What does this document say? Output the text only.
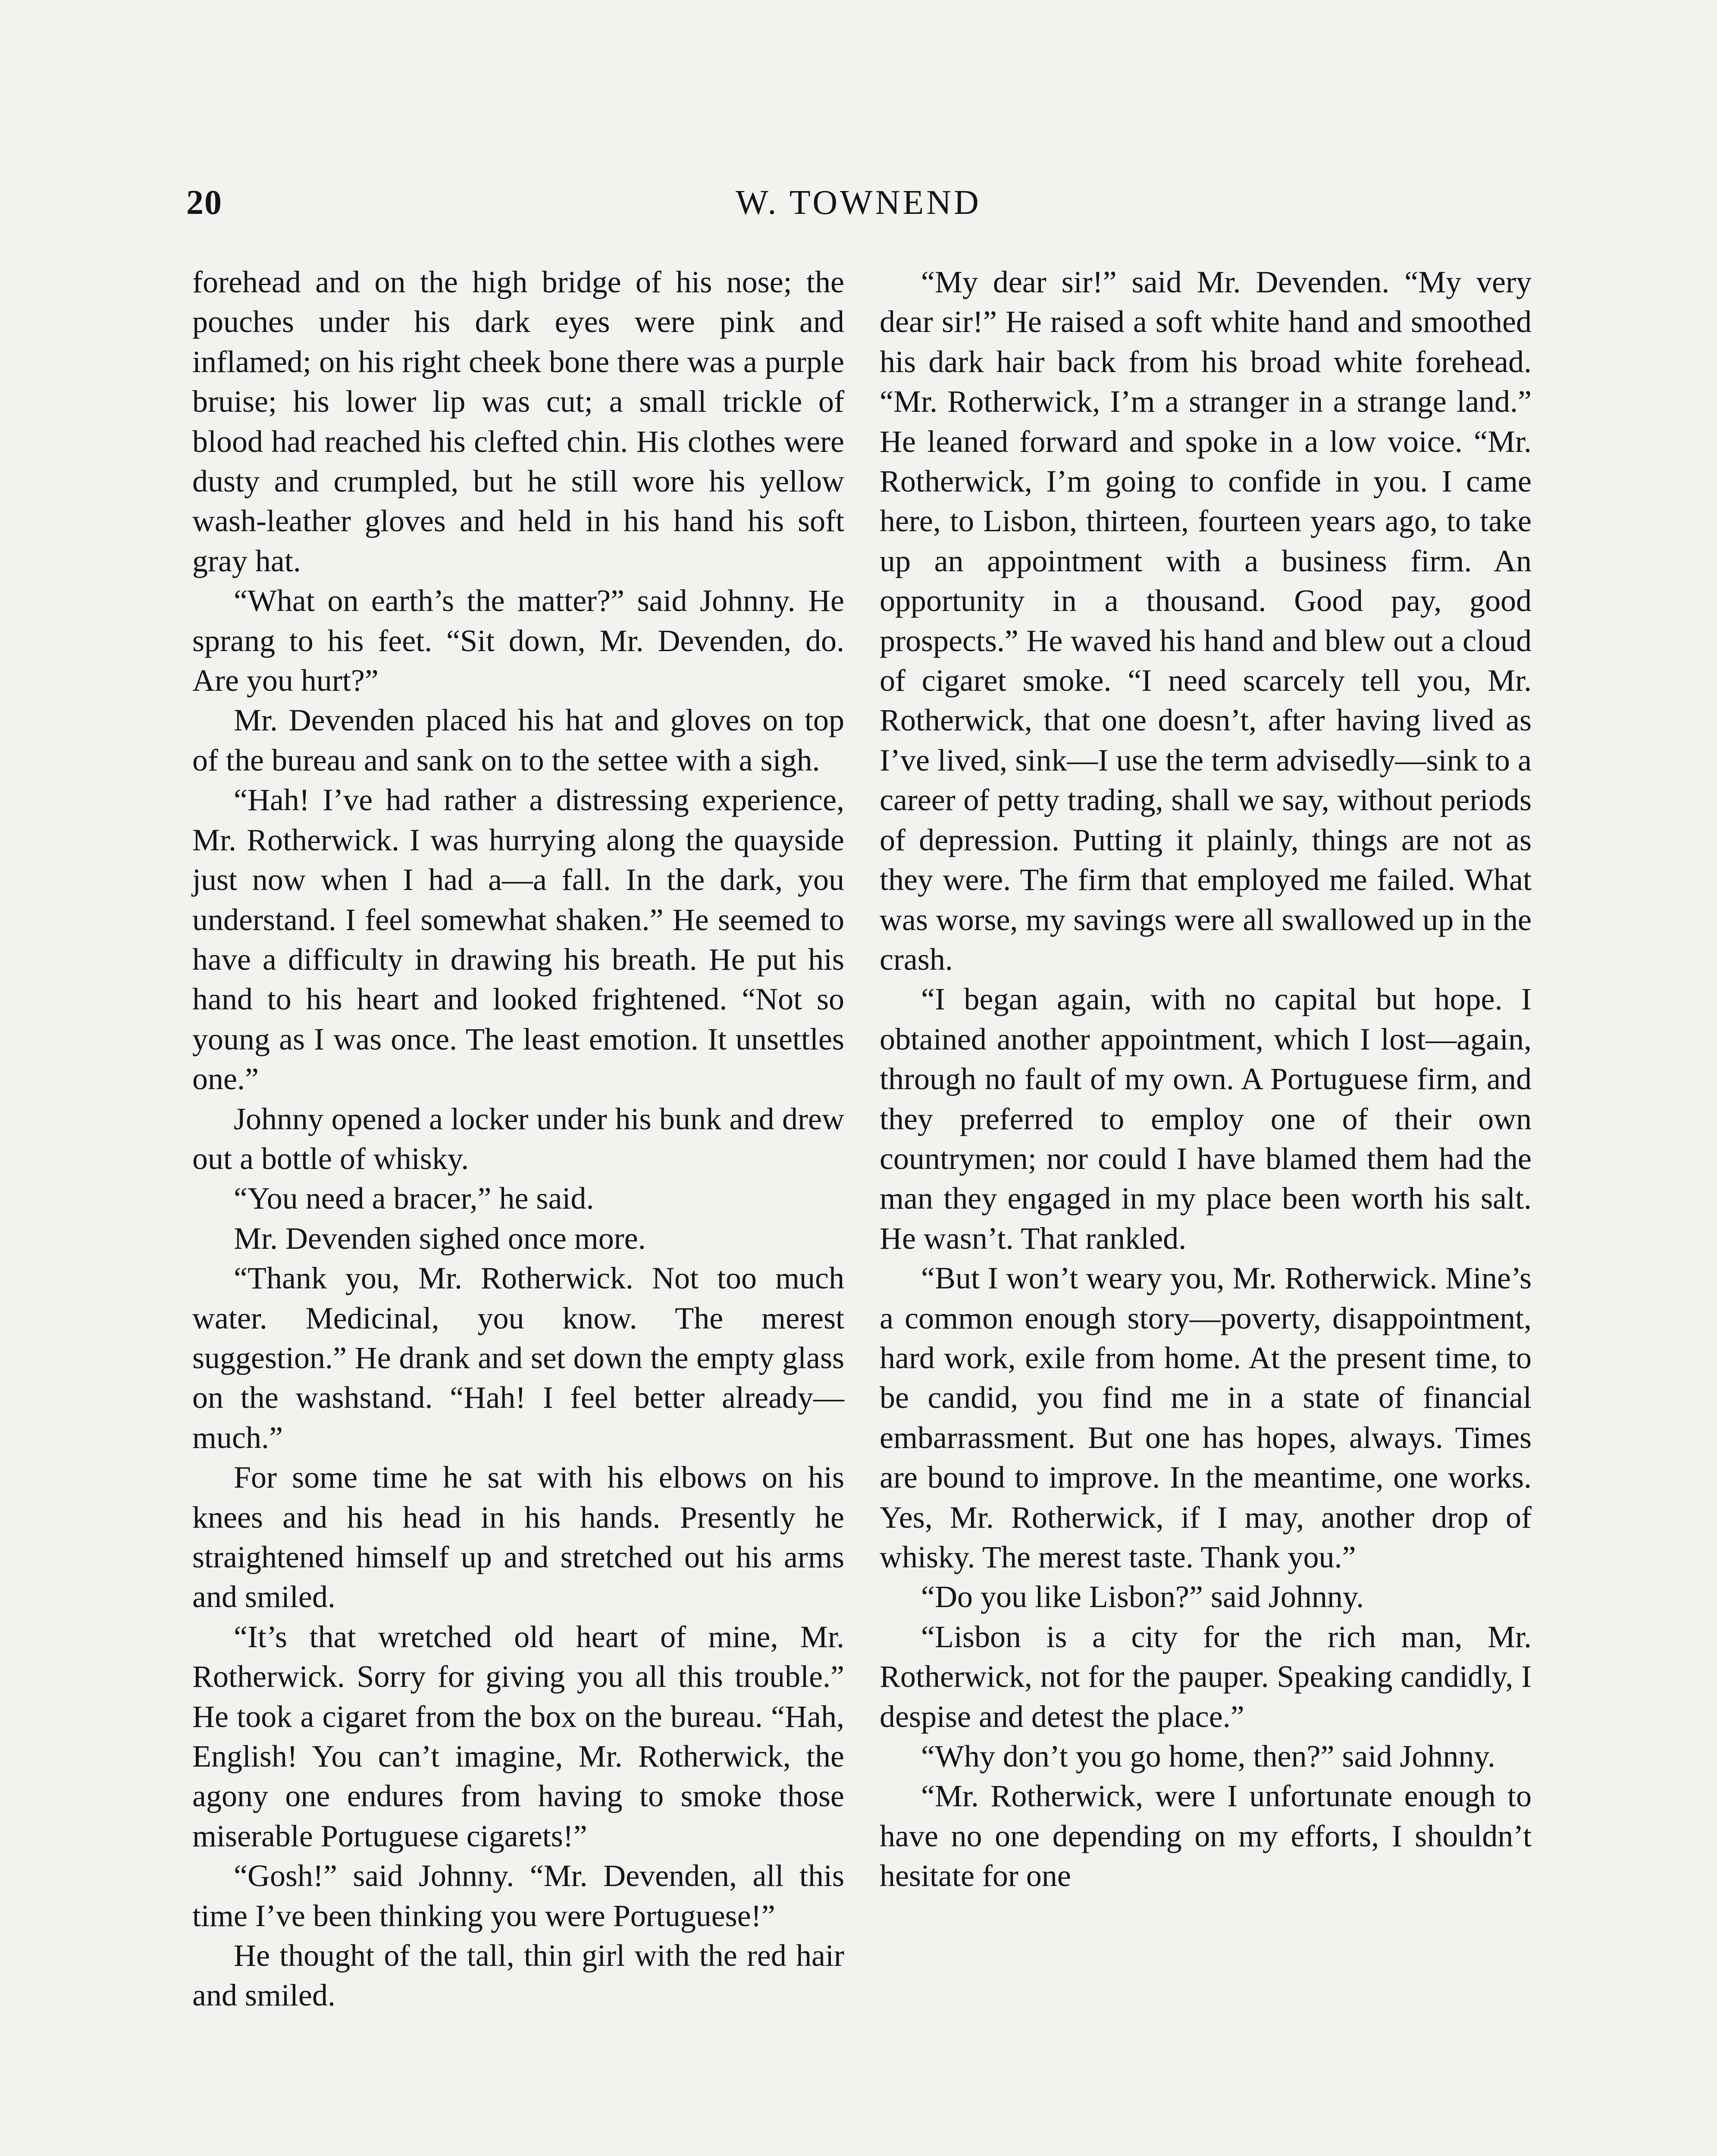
20	W. TOWNEND

forehead and on the high bridge of his nose; the pouches under his dark eyes were pink and inflamed; on his right cheek bone there was a purple bruise; his lower lip was cut; a small trickle of blood had reached his clefted chin. His clothes were dusty and crumpled, but he still wore his yellow wash-leather gloves and held in his hand his soft gray hat.

“What on earth’s the matter?” said Johnny. He sprang to his feet. “Sit down, Mr. Devenden, do. Are you hurt?”

Mr. Devenden placed his hat and gloves on top of the bureau and sank on to the settee with a sigh.

“Hah! I’ve had rather a distressing experience, Mr. Rotherwick. I was hurrying along the quayside just now when I had a—a fall. In the dark, you understand. I feel somewhat shaken.” He seemed to have a difficulty in drawing his breath. He put his hand to his heart and looked frightened. “Not so young as I was once. The least emotion. It unsettles one.”

Johnny opened a locker under his bunk and drew out a bottle of whisky.

“You need a bracer,” he said.

Mr. Devenden sighed once more.

“Thank you, Mr. Rotherwick. Not too much water. Medicinal, you know. The merest suggestion.” He drank and set down the empty glass on the washstand. “Hah! I feel better already—much.”

For some time he sat with his elbows on his knees and his head in his hands. Presently he straightened himself up and stretched out his arms and smiled.

“It’s that wretched old heart of mine, Mr. Rotherwick. Sorry for giving you all this trouble.” He took a cigaret from the box on the bureau. “Hah, English! You can’t imagine, Mr. Rotherwick, the agony one endures from having to smoke those miserable Portuguese cigarets!”

“Gosh!” said Johnny. “Mr. Devenden, all this time I’ve been thinking you were Portuguese!”

He thought of the tall, thin girl with the red hair and smiled.

“My dear sir!” said Mr. Devenden. “My very dear sir!” He raised a soft white hand and smoothed his dark hair back from his broad white forehead. “Mr. Rotherwick, I’m a stranger in a strange land.” He leaned forward and spoke in a low voice. “Mr. Rotherwick, I’m going to confide in you. I came here, to Lisbon, thirteen, fourteen years ago, to take up an appointment with a business firm. An opportunity in a thousand. Good pay, good prospects.” He waved his hand and blew out a cloud of cigaret smoke. “I need scarcely tell you, Mr. Rotherwick, that one doesn’t, after having lived as I’ve lived, sink—I use the term advisedly—sink to a career of petty trading, shall we say, without periods of depression. Putting it plainly, things are not as they were. The firm that employed me failed. What was worse, my savings were all swallowed up in the crash.

“I began again, with no capital but hope. I obtained another appointment, which I lost—again, through no fault of my own. A Portuguese firm, and they preferred to employ one of their own countrymen; nor could I have blamed them had the man they engaged in my place been worth his salt. He wasn’t. That rankled.

“But I won’t weary you, Mr. Rotherwick. Mine’s a common enough story—poverty, disappointment, hard work, exile from home. At the present time, to be candid, you find me in a state of financial embarrassment. But one has hopes, always. Times are bound to improve. In the meantime, one works. Yes, Mr. Rotherwick, if I may, another drop of whisky. The merest taste. Thank you.”

“Do you like Lisbon?” said Johnny.

“Lisbon is a city for the rich man, Mr. Rotherwick, not for the pauper. Speaking candidly, I despise and detest the place.”

“Why don’t you go home, then?” said Johnny.

“Mr. Rotherwick, were I unfortunate enough to have no one depending on my efforts, I shouldn’t hesitate for one
